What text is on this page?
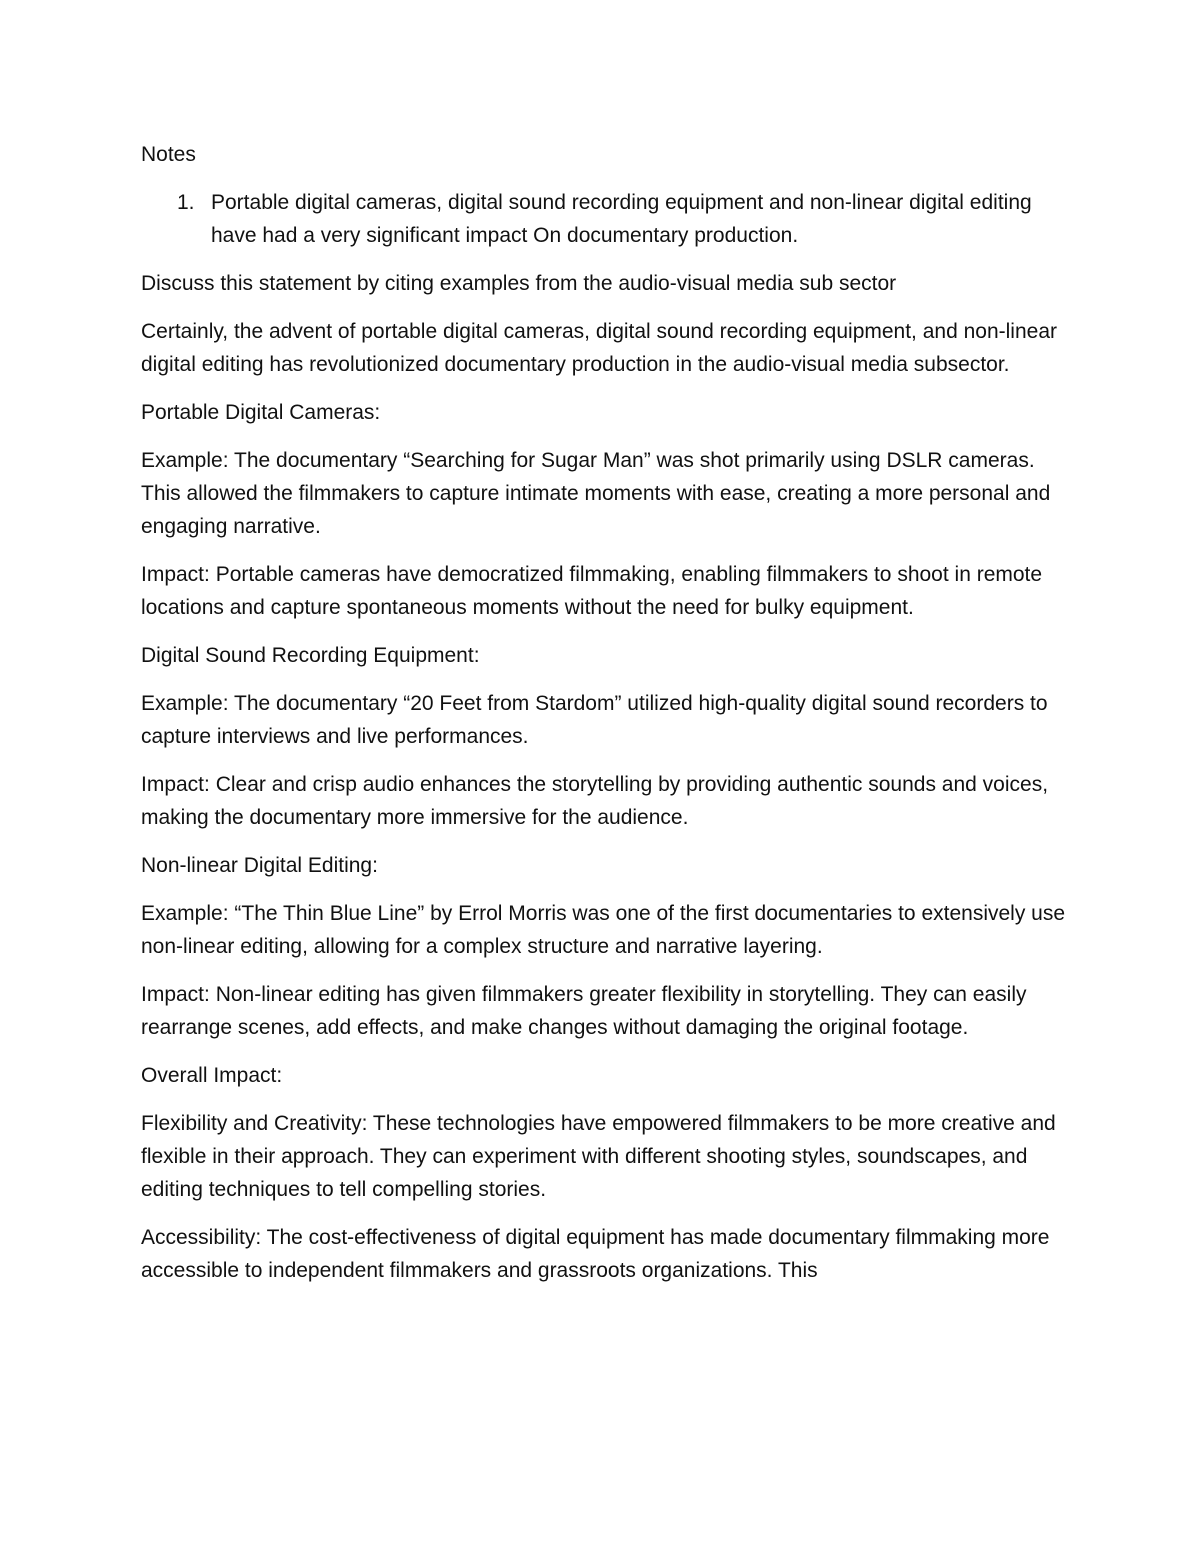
Notes

1. Portable digital cameras, digital sound recording equipment and non-linear digital editing have had a very significant impact On documentary production.

Discuss this statement by citing examples from the audio-visual media sub sector

Certainly, the advent of portable digital cameras, digital sound recording equipment, and non-linear digital editing has revolutionized documentary production in the audio-visual media subsector.

Portable Digital Cameras:

Example: The documentary “Searching for Sugar Man” was shot primarily using DSLR cameras. This allowed the filmmakers to capture intimate moments with ease, creating a more personal and engaging narrative.

Impact: Portable cameras have democratized filmmaking, enabling filmmakers to shoot in remote locations and capture spontaneous moments without the need for bulky equipment.

Digital Sound Recording Equipment:

Example: The documentary “20 Feet from Stardom” utilized high-quality digital sound recorders to capture interviews and live performances.

Impact: Clear and crisp audio enhances the storytelling by providing authentic sounds and voices, making the documentary more immersive for the audience.

Non-linear Digital Editing:

Example: “The Thin Blue Line” by Errol Morris was one of the first documentaries to extensively use non-linear editing, allowing for a complex structure and narrative layering.

Impact: Non-linear editing has given filmmakers greater flexibility in storytelling. They can easily rearrange scenes, add effects, and make changes without damaging the original footage.

Overall Impact:

Flexibility and Creativity: These technologies have empowered filmmakers to be more creative and flexible in their approach. They can experiment with different shooting styles, soundscapes, and editing techniques to tell compelling stories.

Accessibility: The cost-effectiveness of digital equipment has made documentary filmmaking more accessible to independent filmmakers and grassroots organizations. This
